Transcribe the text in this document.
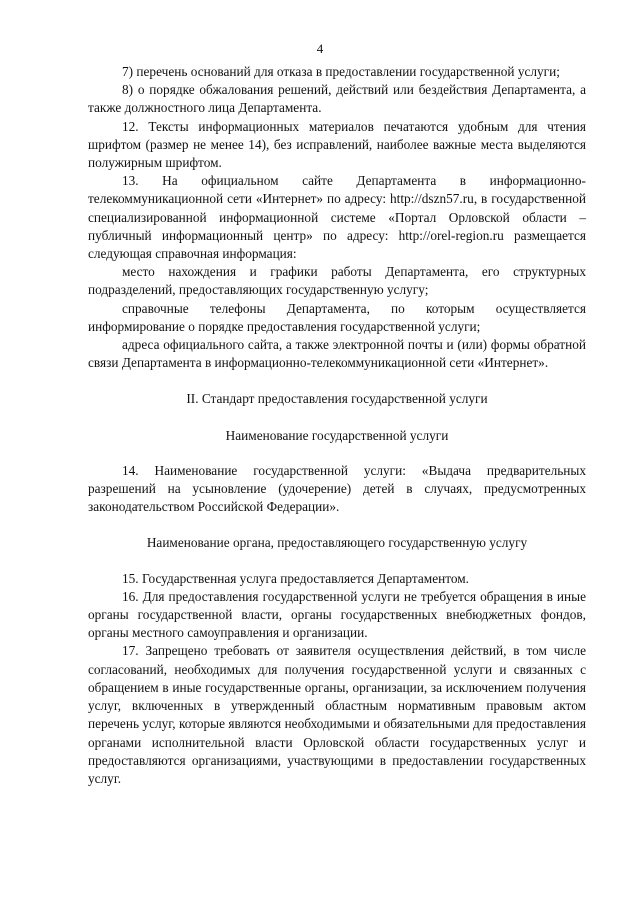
4

7) перечень оснований для отказа в предоставлении государственной услуги;

8) о порядке обжалования решений, действий или бездействия Департамента, а также должностного лица Департамента.

12. Тексты информационных материалов печатаются удобным для чтения шрифтом (размер не менее 14), без исправлений, наиболее важные места выделяются полужирным шрифтом.

13. На официальном сайте Департамента в информационно-телекоммуникационной сети «Интернет» по адресу: http://dszn57.ru, в государственной специализированной информационной системе «Портал Орловской области – публичный информационный центр» по адресу: http://orel-region.ru размещается следующая справочная информация:

место нахождения и графики работы Департамента, его структурных подразделений, предоставляющих государственную услугу;

справочные телефоны Департамента, по которым осуществляется информирование о порядке предоставления государственной услуги;

адреса официального сайта, а также электронной почты и (или) формы обратной связи Департамента в информационно-телекоммуникационной сети «Интернет».

II. Стандарт предоставления государственной услуги

Наименование государственной услуги

14. Наименование государственной услуги: «Выдача предварительных разрешений на усыновление (удочерение) детей в случаях, предусмотренных законодательством Российской Федерации».

Наименование органа, предоставляющего государственную услугу

15. Государственная услуга предоставляется Департаментом.

16. Для предоставления государственной услуги не требуется обращения в иные органы государственной власти, органы государственных внебюджетных фондов, органы местного самоуправления и организации.

17. Запрещено требовать от заявителя осуществления действий, в том числе согласований, необходимых для получения государственной услуги и связанных с обращением в иные государственные органы, организации, за исключением получения услуг, включенных в утвержденный областным нормативным правовым актом перечень услуг, которые являются необходимыми и обязательными для предоставления органами исполнительной власти Орловской области государственных услуг и предоставляются организациями, участвующими в предоставлении государственных услуг.
